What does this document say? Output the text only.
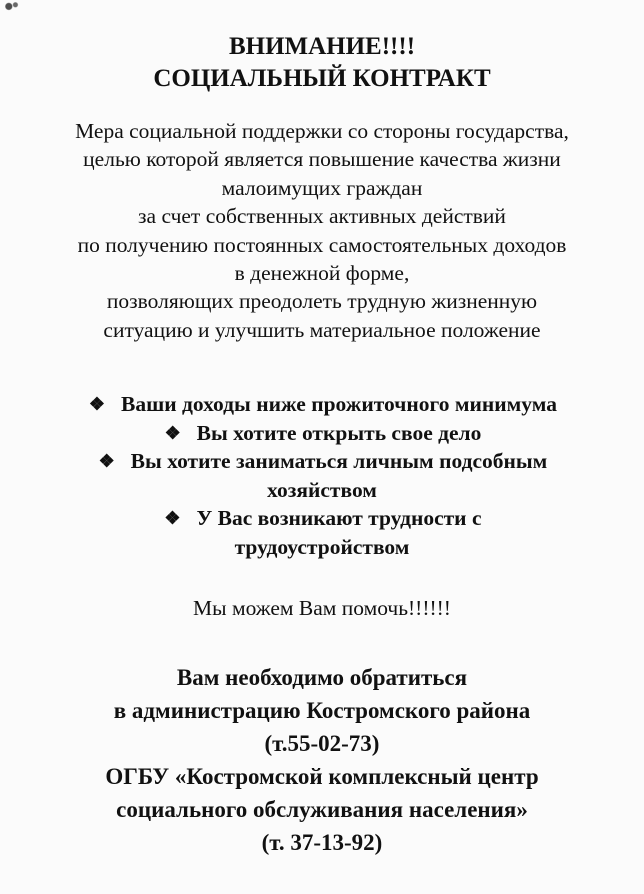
ВНИМАНИЕ!!!!
СОЦИАЛЬНЫЙ КОНТРАКТ
Мера социальной поддержки со стороны государства,
целью которой является повышение качества жизни
малоимущих граждан
за счет собственных активных действий
по получению постоянных самостоятельных доходов
в денежной форме,
позволяющих преодолеть трудную жизненную
ситуацию и улучшить материальное положение
❖ Ваши доходы ниже прожиточного минимума
❖ Вы хотите открыть свое дело
❖ Вы хотите заниматься личным подсобным
хозяйством
❖ У Вас возникают трудности с
трудоустройством
Мы можем Вам помочь!!!!!!
Вам необходимо обратиться
в администрацию Костромского района
(т.55-02-73)
ОГБУ «Костромской комплексный центр
социального обслуживания населения»
(т. 37-13-92)
